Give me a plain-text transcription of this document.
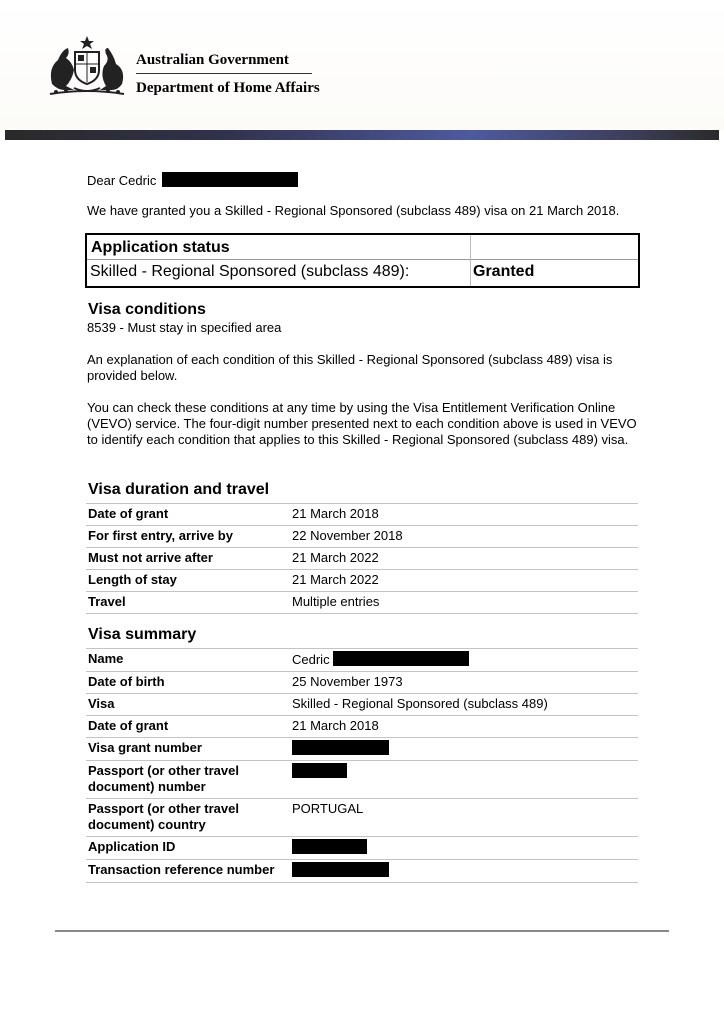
Australian Government
Department of Home Affairs
Dear Cedric
We have granted you a Skilled - Regional Sponsored (subclass 489) visa on 21 March 2018.
Application status
Skilled - Regional Sponsored (subclass 489):	Granted
Visa conditions
8539 - Must stay in specified area
An explanation of each condition of this Skilled - Regional Sponsored (subclass 489) visa is provided below.
You can check these conditions at any time by using the Visa Entitlement Verification Online (VEVO) service. The four-digit number presented next to each condition above is used in VEVO to identify each condition that applies to this Skilled - Regional Sponsored (subclass 489) visa.
Visa duration and travel
Date of grant	21 March 2018
For first entry, arrive by	22 November 2018
Must not arrive after	21 March 2022
Length of stay	21 March 2022
Travel	Multiple entries
Visa summary
Name	Cedric
Date of birth	25 November 1973
Visa	Skilled - Regional Sponsored (subclass 489)
Date of grant	21 March 2018
Visa grant number	
Passport (or other travel document) number	
Passport (or other travel document) country	PORTUGAL
Application ID	
Transaction reference number	
